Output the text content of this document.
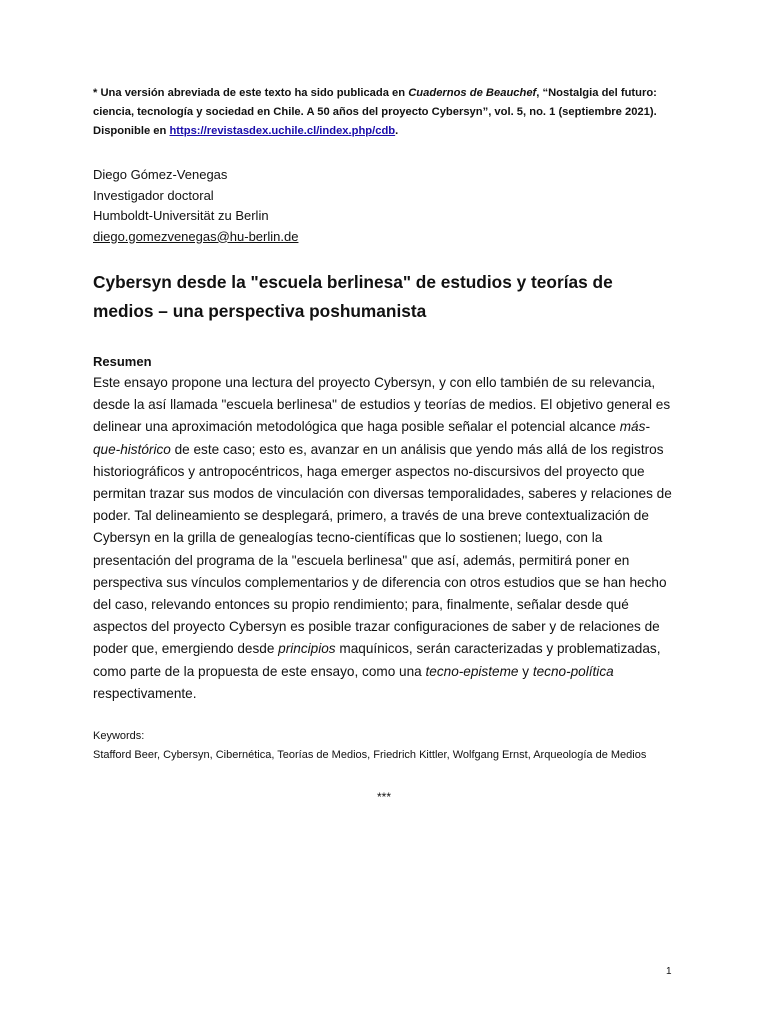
* Una versión abreviada de este texto ha sido publicada en Cuadernos de Beauchef, “Nostalgia del futuro: ciencia, tecnología y sociedad en Chile. A 50 años del proyecto Cybersyn”, vol. 5, no. 1 (septiembre 2021). Disponible en https://revistasdex.uchile.cl/index.php/cdb.

Diego Gómez-Venegas
Investigador doctoral
Humboldt-Universität zu Berlin
diego.gomezvenegas@hu-berlin.de
Cybersyn desde la "escuela berlinesa" de estudios y teorías de medios – una perspectiva poshumanista
Resumen

Este ensayo propone una lectura del proyecto Cybersyn, y con ello también de su relevancia, desde la así llamada "escuela berlinesa" de estudios y teorías de medios. El objetivo general es delinear una aproximación metodológica que haga posible señalar el potencial alcance más-que-histórico de este caso; esto es, avanzar en un análisis que yendo más allá de los registros historiográficos y antropocéntricos, haga emerger aspectos no-discursivos del proyecto que permitan trazar sus modos de vinculación con diversas temporalidades, saberes y relaciones de poder. Tal delineamiento se desplegará, primero, a través de una breve contextualización de Cybersyn en la grilla de genealogías tecno-científicas que lo sostienen; luego, con la presentación del programa de la "escuela berlinesa" que así, además, permitirá poner en perspectiva sus vínculos complementarios y de diferencia con otros estudios que se han hecho del caso, relevando entonces su propio rendimiento; para, finalmente, señalar desde qué aspectos del proyecto Cybersyn es posible trazar configuraciones de saber y de relaciones de poder que, emergiendo desde principios maquínicos, serán caracterizadas y problematizadas, como parte de la propuesta de este ensayo, como una tecno-episteme y tecno-política respectivamente.

Keywords:
Stafford Beer, Cybersyn, Cibernética, Teorías de Medios, Friedrich Kittler, Wolfgang Ernst, Arqueología de Medios
***
1
